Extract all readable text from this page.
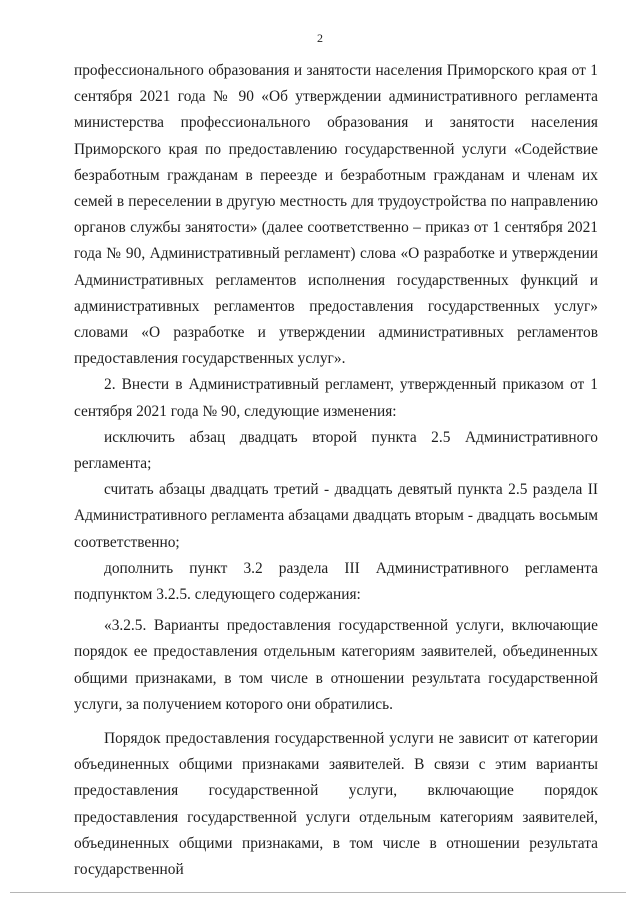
2

профессионального образования и занятости населения Приморского края от 1 сентября 2021 года № 90 «Об утверждении административного регламента министерства профессионального образования и занятости населения Приморского края по предоставлению государственной услуги «Содействие безработным гражданам в переезде и безработным гражданам и членам их семей в переселении в другую местность для трудоустройства по направлению органов службы занятости» (далее соответственно – приказ от 1 сентября 2021 года № 90, Административный регламент) слова «О разработке и утверждении Административных регламентов исполнения государственных функций и административных регламентов предоставления государственных услуг» словами «О разработке и утверждении административных регламентов предоставления государственных услуг».

2. Внести в Административный регламент, утвержденный приказом от 1 сентября 2021 года № 90, следующие изменения:

исключить абзац двадцать второй пункта 2.5 Административного регламента;

считать абзацы двадцать третий - двадцать девятый пункта 2.5 раздела II Административного регламента абзацами двадцать вторым - двадцать восьмым соответственно;

дополнить пункт 3.2 раздела III Административного регламента подпунктом 3.2.5. следующего содержания:

«3.2.5. Варианты предоставления государственной услуги, включающие порядок ее предоставления отдельным категориям заявителей, объединенных общими признаками, в том числе в отношении результата государственной услуги, за получением которого они обратились.

Порядок предоставления государственной услуги не зависит от категории объединенных общими признаками заявителей. В связи с этим варианты предоставления государственной услуги, включающие порядок предоставления государственной услуги отдельным категориям заявителей, объединенных общими признаками, в том числе в отношении результата государственной
